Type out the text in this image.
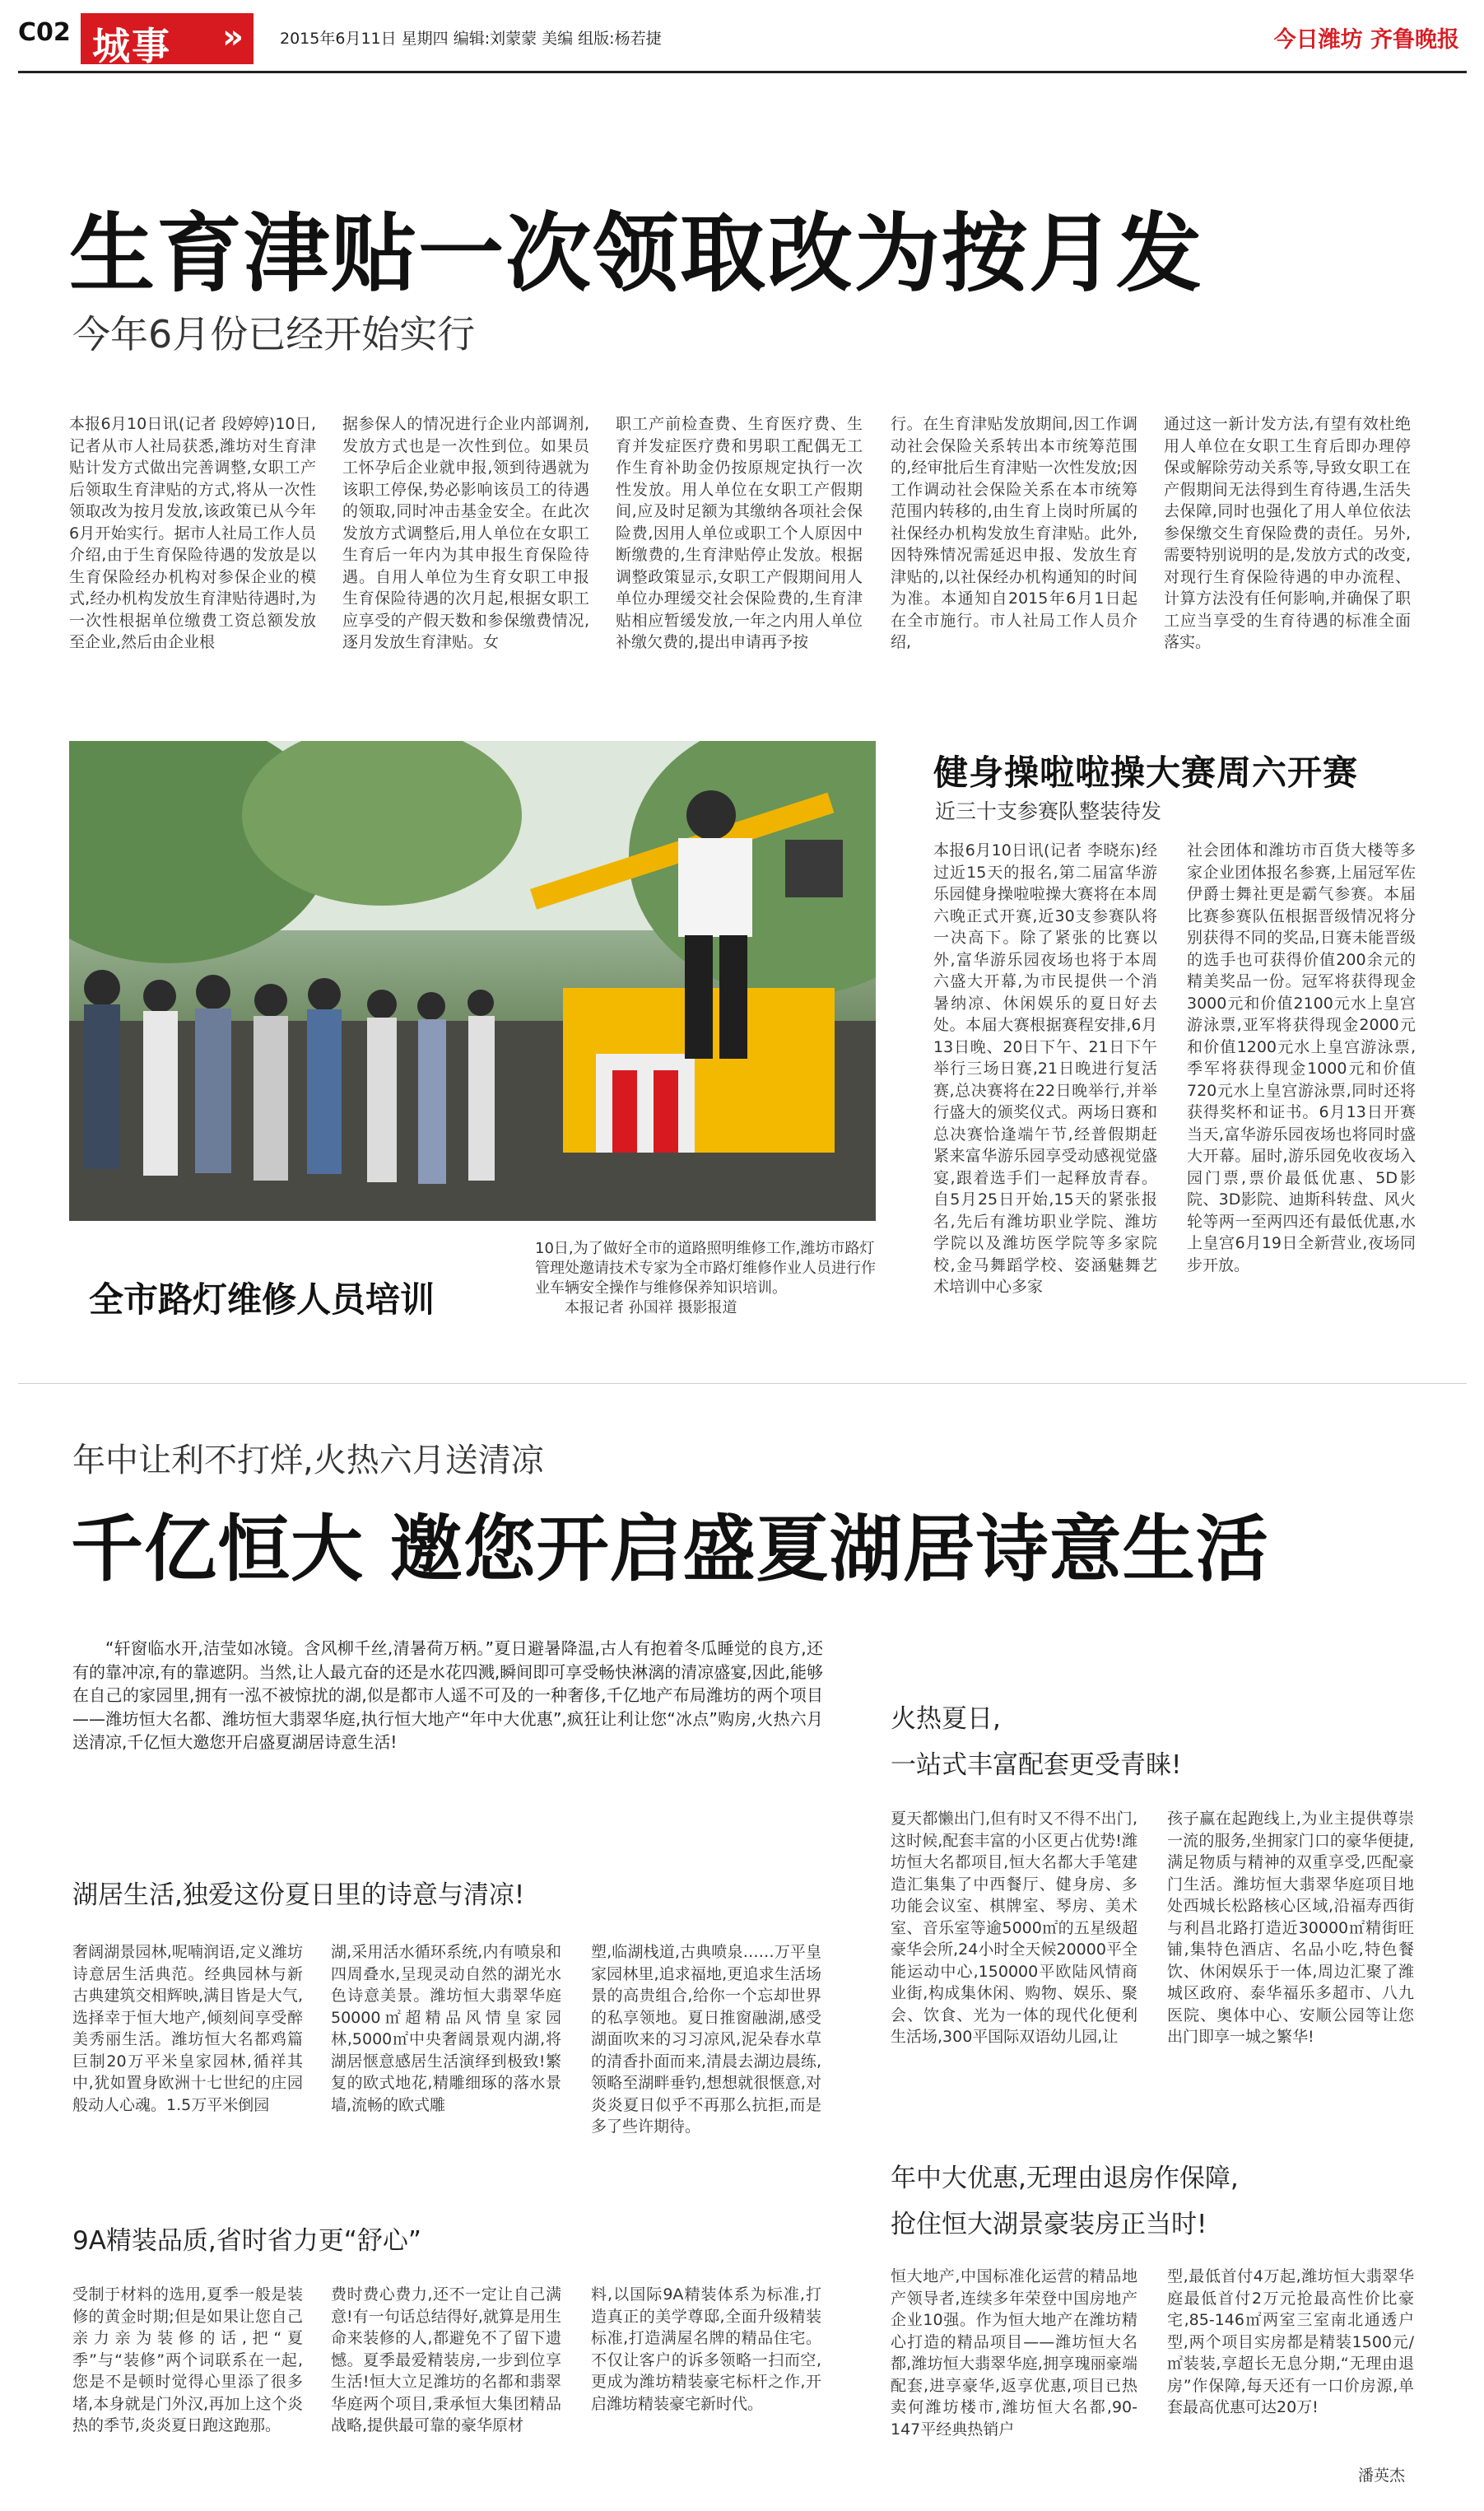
C02 城事 » 2015年6月11日 星期四 编辑:刘蒙蒙 美编 组版:杨若捷	今日潍坊 齐鲁晚报
生育津贴一次领取改为按月发
今年6月份已经开始实行
本报6月10日讯(记者 段婷婷)10日,记者从市人社局获悉,潍坊对生育津贴计发方式做出完善调整,女职工产后领取生育津贴的方式,将从一次性领取改为按月发放,该政策已从今年6月开始实行。据市人社局工作人员介绍,由于生育保险待遇的发放是以生育保险经办机构对参保企业的模式,经办机构发放生育津贴待遇时,为一次性根据单位缴费工资总额发放至企业,然后由企业根
据参保人的情况进行企业内部调剂,发放方式也是一次性到位。如果员工怀孕后企业就申报,领到待遇就为该职工停保,势必影响该员工的待遇的领取,同时冲击基金安全。在此次发放方式调整后,用人单位在女职工生育后一年内为其申报生育保险待遇。自用人单位为生育女职工申报生育保险待遇的次月起,根据女职工应享受的产假天数和参保缴费情况,逐月发放生育津贴。女
职工产前检查费、生育医疗费、生育并发症医疗费和男职工配偶无工作生育补助金仍按原规定执行一次性发放。用人单位在女职工产假期间,应及时足额为其缴纳各项社会保险费,因用人单位或职工个人原因中断缴费的,生育津贴停止发放。根据调整政策显示,女职工产假期间用人单位办理缓交社会保险费的,生育津贴相应暂缓发放,一年之内用人单位补缴欠费的,提出申请再予按
行。在生育津贴发放期间,因工作调动社会保险关系转出本市统筹范围的,经审批后生育津贴一次性发放;因工作调动社会保险关系在本市统筹范围内转移的,由生育上岗时所属的社保经办机构发放生育津贴。此外,因特殊情况需延迟申报、发放生育津贴的,以社保经办机构通知的时间为准。本通知自2015年6月1日起在全市施行。市人社局工作人员介绍,
通过这一新计发方法,有望有效杜绝用人单位在女职工生育后即办理停保或解除劳动关系等,导致女职工在产假期间无法得到生育待遇,生活失去保障,同时也强化了用人单位依法参保缴交生育保险费的责任。另外,需要特别说明的是,发放方式的改变,对现行生育保险待遇的申办流程、计算方法没有任何影响,并确保了职工应当享受的生育待遇的标准全面落实。
全市路灯维修人员培训
10日,为了做好全市的道路照明维修工作,潍坊市路灯管理处邀请技术专家为全市路灯维修作业人员进行作业车辆安全操作与维修保养知识培训。
本报记者 孙国祥 摄影报道
健身操啦啦操大赛周六开赛
近三十支参赛队整装待发
本报6月10日讯(记者 李晓东)经过近15天的报名,第二届富华游乐园健身操啦啦操大赛将在本周六晚正式开赛,近30支参赛队将一决高下。除了紧张的比赛以外,富华游乐园夜场也将于本周六盛大开幕,为市民提供一个消暑纳凉、休闲娱乐的夏日好去处。本届大赛根据赛程安排,6月13日晚、20日下午、21日下午举行三场日赛,21日晚进行复活赛,总决赛将在22日晚举行,并举行盛大的颁奖仪式。两场日赛和总决赛恰逢端午节,经普假期赶紧来富华游乐园享受动感视觉盛宴,跟着选手们一起释放青春。自5月25日开始,15天的紧张报名,先后有潍坊职业学院、潍坊学院以及潍坊医学院等多家院校,金马舞蹈学校、姿涵魅舞艺术培训中心多家
社会团体和潍坊市百货大楼等多家企业团体报名参赛,上届冠军佐伊爵士舞社更是霸气参赛。本届比赛参赛队伍根据晋级情况将分别获得不同的奖品,日赛未能晋级的选手也可获得价值200余元的精美奖品一份。冠军将获得现金3000元和价值2100元水上皇宫游泳票,亚军将获得现金2000元和价值1200元水上皇宫游泳票,季军将获得现金1000元和价值720元水上皇宫游泳票,同时还将获得奖杯和证书。6月13日开赛当天,富华游乐园夜场也将同时盛大开幕。届时,游乐园免收夜场入园门票,票价最低优惠、5D影院、3D影院、迪斯科转盘、风火轮等两一至两四还有最低优惠,水上皇宫6月19日全新营业,夜场同步开放。
年中让利不打烊,火热六月送清凉
千亿恒大 邀您开启盛夏湖居诗意生活
“轩窗临水开,洁莹如冰镜。含风柳千丝,清暑荷万柄。”夏日避暑降温,古人有抱着冬瓜睡觉的良方,还有的靠冲凉,有的靠遮阴。当然,让人最亢奋的还是水花四溅,瞬间即可享受畅快淋漓的清凉盛宴,因此,能够在自己的家园里,拥有一泓不被惊扰的湖,似是都市人遥不可及的一种奢侈,千亿地产布局潍坊的两个项目——潍坊恒大名都、潍坊恒大翡翠华庭,执行恒大地产“年中大优惠”,疯狂让利让您“冰点”购房,火热六月送清凉,千亿恒大邀您开启盛夏湖居诗意生活!
湖居生活,独爱这份夏日里的诗意与清凉!
奢阔湖景园林,呢喃润语,定义潍坊诗意居生活典范。经典园林与新古典建筑交相辉映,满目皆是大气,选择幸于恒大地产,倾刻间享受醉美秀丽生活。潍坊恒大名都鸡篇巨制20万平米皇家园林,循祥其中,犹如置身欧洲十七世纪的庄园般动人心魂。1.5万平米倒园
湖,采用活水循环系统,内有喷泉和四周叠水,呈现灵动自然的湖光水色诗意美景。潍坊恒大翡翠华庭50000㎡超精品风情皇家园林,5000㎡中央奢阔景观内湖,将湖居惬意感居生活演绎到极致!繁复的欧式地花,精雕细琢的落水景墙,流畅的欧式雕
塑,临湖栈道,古典喷泉……万平皇家园林里,追求福地,更追求生活场景的高贵组合,给你一个忘却世界的私享领地。夏日推窗融湖,感受湖面吹来的习习凉风,泥朵春水草的清香扑面而来,清晨去湖边晨练,领略至湖畔垂钓,想想就很惬意,对炎炎夏日似乎不再那么抗拒,而是多了些许期待。
9A精装品质,省时省力更“舒心”
受制于材料的选用,夏季一般是装修的黄金时期;但是如果让您自己亲力亲为装修的话,把“夏季”与“装修”两个词联系在一起,您是不是顿时觉得心里添了很多堵,本身就是门外汉,再加上这个炎热的季节,炎炎夏日跑这跑那。
费时费心费力,还不一定让自己满意!有一句话总结得好,就算是用生命来装修的人,都避免不了留下遗憾。夏季最爱精装房,一步到位享生活!恒大立足潍坊的名都和翡翠华庭两个项目,秉承恒大集团精品战略,提供最可靠的豪华原材
料,以国际9A精装体系为标准,打造真正的美学尊邸,全面升级精装标准,打造满屋名牌的精品住宅。不仅让客户的诉多领略一扫而空,更成为潍坊精装豪宅标杆之作,开启潍坊精装豪宅新时代。
火热夏日,
一站式丰富配套更受青睐!
夏天都懒出门,但有时又不得不出门,这时候,配套丰富的小区更占优势!潍坊恒大名都项目,恒大名都大手笔建造汇集集了中西餐厅、健身房、多功能会议室、棋牌室、琴房、美术室、音乐室等逾5000㎡的五星级超豪华会所,24小时全天候20000平全能运动中心,150000平欧陆风情商业街,构成集休闲、购物、娱乐、聚会、饮食、光为一体的现代化便利生活场,300平国际双语幼儿园,让
孩子赢在起跑线上,为业主提供尊崇一流的服务,坐拥家门口的豪华便捷,满足物质与精神的双重享受,匹配豪门生活。潍坊恒大翡翠华庭项目地处西城长松路核心区域,沿福寿西街与利昌北路打造近30000㎡精街旺铺,集特色酒店、名品小吃,特色餐饮、休闲娱乐于一体,周边汇聚了潍城区政府、泰华福乐多超市、八九医院、奥体中心、安顺公园等让您出门即享一城之繁华!
年中大优惠,无理由退房作保障,
抢住恒大湖景豪装房正当时!
恒大地产,中国标准化运营的精品地产领导者,连续多年荣登中国房地产企业10强。作为恒大地产在潍坊精心打造的精品项目——潍坊恒大名都,潍坊恒大翡翠华庭,拥享瑰丽豪端配套,进享豪华,返享优惠,项目已热卖何潍坊楼市,潍坊恒大名都,90-147平经典热销户
型,最低首付4万起,潍坊恒大翡翠华庭最低首付2万元抢最高性价比豪宅,85-146㎡两室三室南北通透户型,两个项目实房都是精装1500元/㎡装装,享超长无息分期,“无理由退房”作保障,每天还有一口价房源,单套最高优惠可达20万!
潘英杰
